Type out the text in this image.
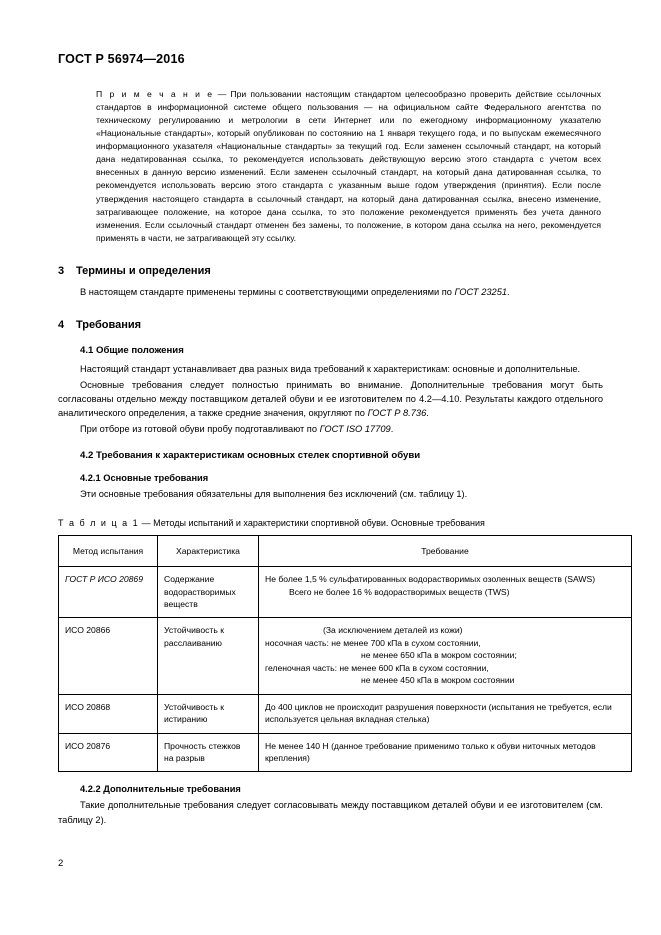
ГОСТ Р 56974—2016
П р и м е ч а н и е — При пользовании настоящим стандартом целесообразно проверить действие ссылочных стандартов в информационной системе общего пользования — на официальном сайте Федерального агентства по техническому регулированию и метрологии в сети Интернет или по ежегодному информационному указателю «Национальные стандарты», который опубликован по состоянию на 1 января текущего года, и по выпускам ежемесячного информационного указателя «Национальные стандарты» за текущий год. Если заменен ссылочный стандарт, на который дана недатированная ссылка, то рекомендуется использовать действующую версию этого стандарта с учетом всех внесенных в данную версию изменений. Если заменен ссылочный стандарт, на который дана датированная ссылка, то рекомендуется использовать версию этого стандарта с указанным выше годом утверждения (принятия). Если после утверждения настоящего стандарта в ссылочный стандарт, на который дана датированная ссылка, внесено изменение, затрагивающее положение, на которое дана ссылка, то это положение рекомендуется применять без учета данного изменения. Если ссылочный стандарт отменен без замены, то положение, в котором дана ссылка на него, рекомендуется применять в части, не затрагивающей эту ссылку.
3 Термины и определения

В настоящем стандарте применены термины с соответствующими определениями по ГОСТ 23251.

4 Требования
4.1 Общие положения

Настоящий стандарт устанавливает два разных вида требований к характеристикам: основные и дополнительные.

Основные требования следует полностью принимать во внимание. Дополнительные требования могут быть согласованы отдельно между поставщиком деталей обуви и ее изготовителем по 4.2—4.10. Результаты каждого отдельного аналитического определения, а также средние значения, округляют по ГОСТ Р 8.736.

При отборе из готовой обуви пробу подготавливают по ГОСТ ISO 17709.

4.2 Требования к характеристикам основных стелек спортивной обуви
4.2.1 Основные требования

Эти основные требования обязательны для выполнения без исключений (см. таблицу 1).

Т а б л и ц а 1 — Методы испытаний и характеристики спортивной обуви. Основные требования
Метод испытания	Характеристика	Требование
ГОСТ Р ИСО 20869	Содержание водорастворимых веществ	Не более 1,5 % сульфатированных водорастворимых озоленных веществ (SAWS)
Всего не более 16 % водорастворимых веществ (TWS)

ИСО 20866	Устойчивость к расслаиванию	(За исключением деталей из кожи)
носочная часть: не менее 700 кПа в сухом состоянии,
не менее 650 кПа в мокром состоянии;
геленочная часть: не менее 600 кПа в сухом состоянии,
не менее 450 кПа в мокром состоянии

ИСО 20868	Устойчивость к истиранию	До 400 циклов не происходит разрушения поверхности (испытания не требуется, если используется цельная вкладная стелька)

ИСО 20876	Прочность стежков на разрыв	Не менее 140 Н (данное требование применимо только к обуви ниточных методов крепления)
4.2.2 Дополнительные требования

Такие дополнительные требования следует согласовывать между поставщиком деталей обуви и ее изготовителем (см. таблицу 2).

2
